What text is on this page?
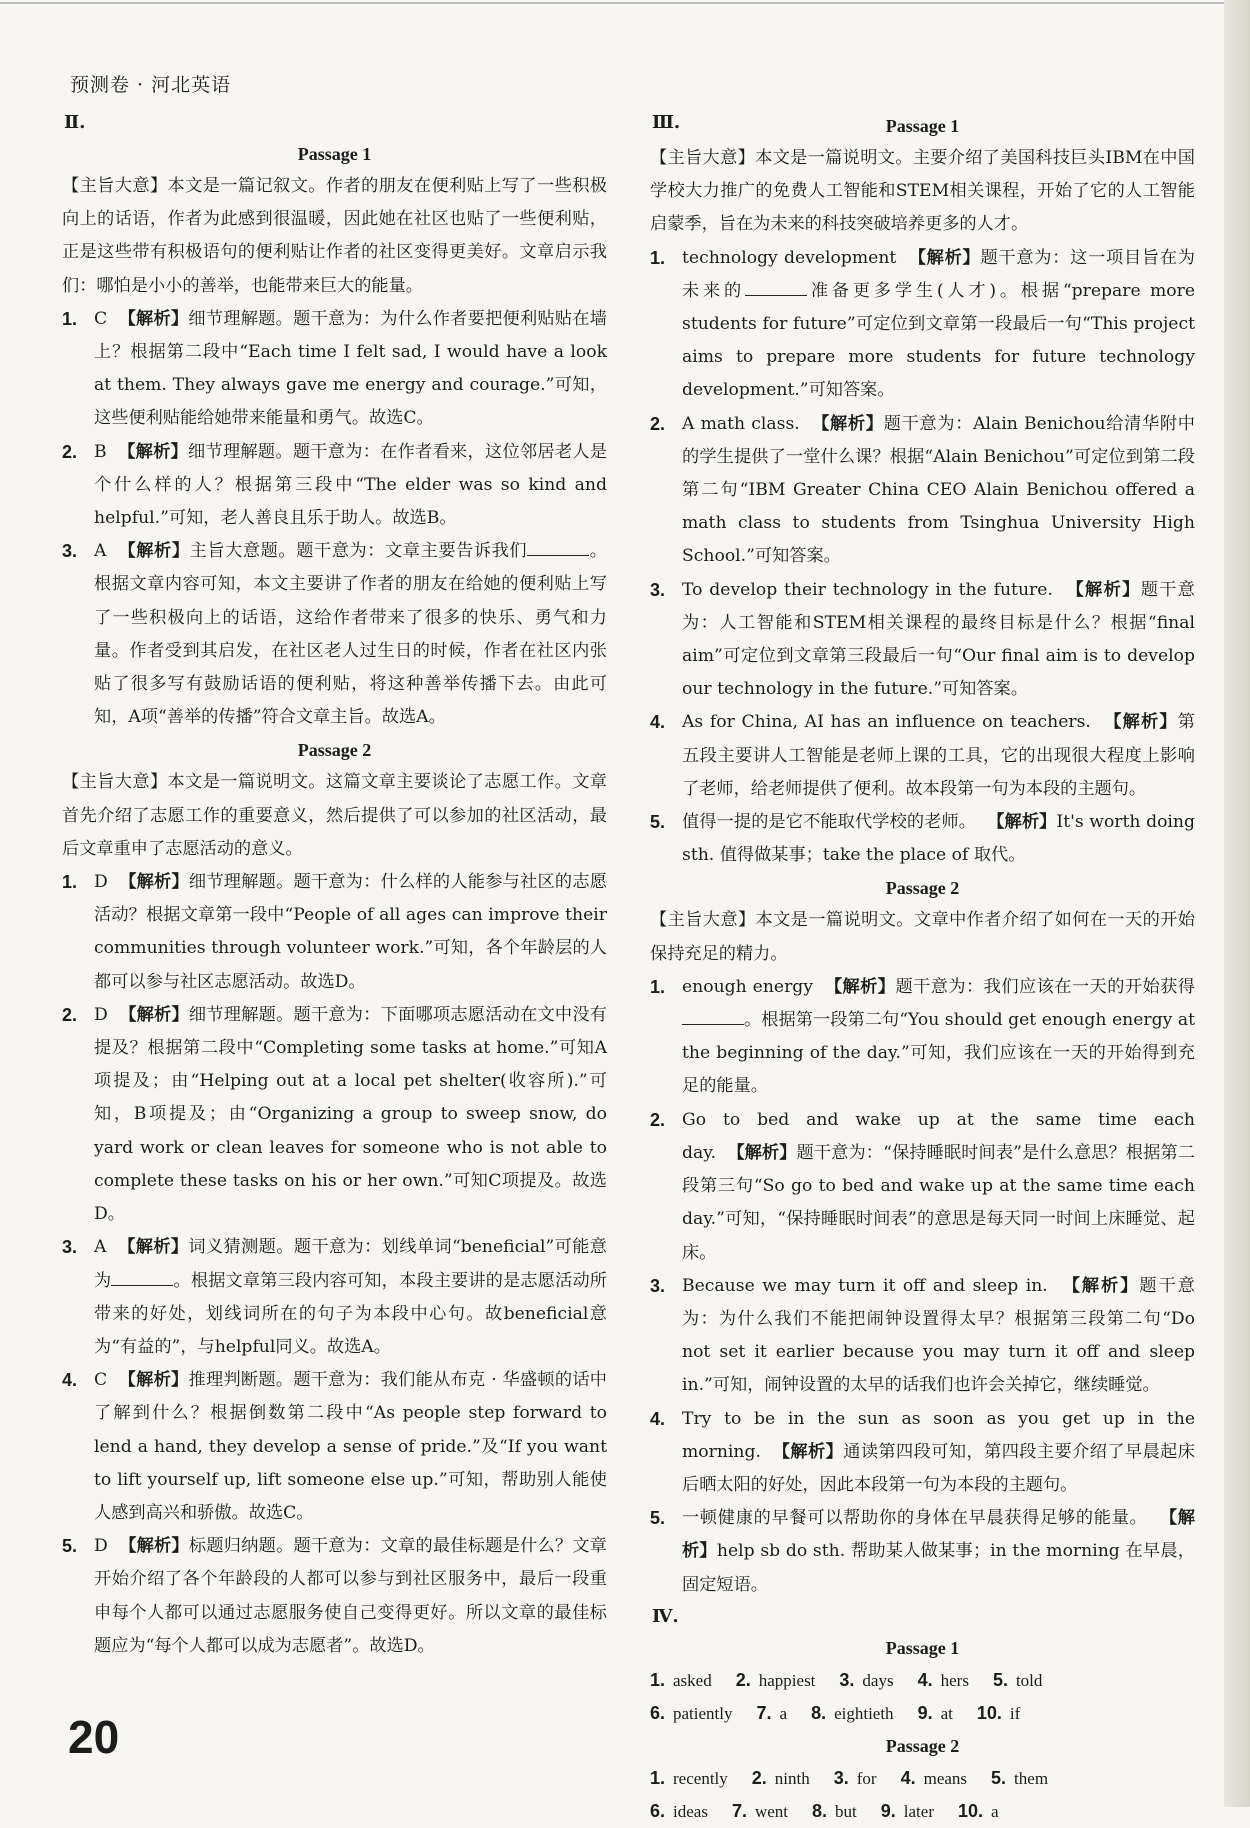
预测卷 · 河北英语

Ⅱ.

Passage 1

【主旨大意】本文是一篇记叙文。作者的朋友在便利贴上写了一些积极向上的话语，作者为此感到很温暖，因此她在社区也贴了一些便利贴，正是这些带有积极语句的便利贴让作者的社区变得更美好。文章启示我们：哪怕是小小的善举，也能带来巨大的能量。

1. C 【解析】细节理解题。题干意为：为什么作者要把便利贴贴在墙上？根据第二段中“Each time I felt sad, I would have a look at them. They always gave me energy and courage.”可知，这些便利贴能给她带来能量和勇气。故选C。

2. B 【解析】细节理解题。题干意为：在作者看来，这位邻居老人是个什么样的人？根据第三段中“The elder was so kind and helpful.”可知，老人善良且乐于助人。故选B。

3. A 【解析】主旨大意题。题干意为：文章主要告诉我们	。根据文章内容可知，本文主要讲了作者的朋友在给她的便利贴上写了一些积极向上的话语，这给作者带来了很多的快乐、勇气和力量。作者受到其启发，在社区老人过生日的时候，作者在社区内张贴了很多写有鼓励话语的便利贴，将这种善举传播下去。由此可知，A项“善举的传播”符合文章主旨。故选A。

Passage 2

【主旨大意】本文是一篇说明文。这篇文章主要谈论了志愿工作。文章首先介绍了志愿工作的重要意义，然后提供了可以参加的社区活动，最后文章重申了志愿活动的意义。

1. D 【解析】细节理解题。题干意为：什么样的人能参与社区的志愿活动？根据文章第一段中“People of all ages can improve their communities through volunteer work.”可知，各个年龄层的人都可以参与社区志愿活动。故选D。

2. D 【解析】细节理解题。题干意为：下面哪项志愿活动在文中没有提及？根据第二段中“Completing some tasks at home.”可知A项提及；由“Helping out at a local pet shelter(收容所).”可知，B项提及；由“Organizing a group to sweep snow, do yard work or clean leaves for someone who is not able to complete these tasks on his or her own.”可知C项提及。故选D。

3. A 【解析】词义猜测题。题干意为：划线单词“beneficial”可能意为	。根据文章第三段内容可知，本段主要讲的是志愿活动所带来的好处，划线词所在的句子为本段中心句。故beneficial意为“有益的”，与helpful同义。故选A。

4. C 【解析】推理判断题。题干意为：我们能从布克 · 华盛顿的话中了解到什么？根据倒数第二段中“As people step forward to lend a hand, they develop a sense of pride.”及“If you want to lift yourself up, lift someone else up.”可知，帮助别人能使人感到高兴和骄傲。故选C。

5. D 【解析】标题归纳题。题干意为：文章的最佳标题是什么？文章开始介绍了各个年龄段的人都可以参与到社区服务中，最后一段重申每个人都可以通过志愿服务使自己变得更好。所以文章的最佳标题应为“每个人都可以成为志愿者”。故选D。

Ⅲ.	Passage 1

【主旨大意】本文是一篇说明文。主要介绍了美国科技巨头IBM在中国学校大力推广的免费人工智能和STEM相关课程，开始了它的人工智能启蒙季，旨在为未来的科技突破培养更多的人才。

1. technology development 【解析】题干意为：这一项目旨在为未来的	准备更多学生(人才)。根据“prepare more students for future”可定位到文章第一段最后一句“This project aims to prepare more students for future technology development.”可知答案。

2. A math class. 【解析】题干意为：Alain Benichou给清华附中的学生提供了一堂什么课？根据“Alain Benichou”可定位到第二段第二句“IBM Greater China CEO Alain Benichou offered a math class to students from Tsinghua University High School.”可知答案。

3. To develop their technology in the future. 【解析】题干意为：人工智能和STEM相关课程的最终目标是什么？根据“final aim”可定位到文章第三段最后一句“Our final aim is to develop our technology in the future.”可知答案。

4. As for China, AI has an influence on teachers. 【解析】第五段主要讲人工智能是老师上课的工具，它的出现很大程度上影响了老师，给老师提供了便利。故本段第一句为本段的主题句。

5. 值得一提的是它不能取代学校的老师。 【解析】It's worth doing sth. 值得做某事；take the place of 取代。

Passage 2

【主旨大意】本文是一篇说明文。文章中作者介绍了如何在一天的开始保持充足的精力。

1. enough energy 【解析】题干意为：我们应该在一天的开始获得。根据第一段第二句“You should get enough energy at the beginning of the day.”可知，我们应该在一天的开始得到充足的能量。

2. Go to bed and wake up at the same time each day. 【解析】题干意为：“保持睡眠时间表”是什么意思？根据第二段第三句“So go to bed and wake up at the same time each day.”可知，“保持睡眠时间表”的意思是每天同一时间上床睡觉、起床。

3. Because we may turn it off and sleep in. 【解析】题干意为：为什么我们不能把闹钟设置得太早？根据第三段第二句“Do not set it earlier because you may turn it off and sleep in.”可知，闹钟设置的太早的话我们也许会关掉它，继续睡觉。

4. Try to be in the sun as soon as you get up in the morning. 【解析】通读第四段可知，第四段主要介绍了早晨起床后晒太阳的好处，因此本段第一句为本段的主题句。

5. 一顿健康的早餐可以帮助你的身体在早晨获得足够的能量。 【解析】help sb do sth. 帮助某人做某事；in the morning 在早晨，固定短语。

Ⅳ.

Passage 1

1. asked 2. happiest 3. days 4. hers 5. told

6. patiently 7. a 8. eightieth 9. at 10. if

Passage 2

1. recently 2. ninth 3. for 4. means 5. them

6. ideas 7. went 8. but 9. later 10. a

20
